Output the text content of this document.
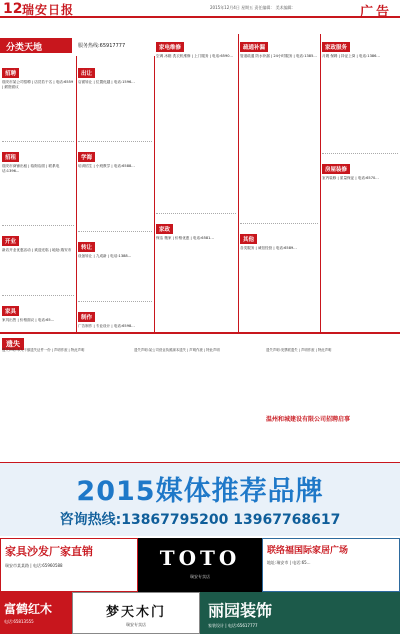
12 瑞安日报	2015年12月4日 星期五 责任编辑： 美术编辑：	广告
分类天地	服务热线:65917777
招聘
瑞安市某公司招聘 | 店员若干名 | 电话:6559 | 薪资面议
招租
瑞安市商铺出租 | 临街店面 | 联系电话:1396...
开业
新店开业优惠活动 | 欢迎光临 | 地址:瑞安市
家具
家具出售 | 价格面议 | 电话:65...
出让
店面转让 | 位置优越 | 电话:1596...
学海
培训招生 | 小班教学 | 电话:6588...
转让
设备转让 | 九成新 | 电话:1388...
制作
广告制作 | 专业设计 | 电话:6598...
家电维修
空调 冰箱 洗衣机维修 | 上门服务 | 电话:6590...
家政
保洁 搬家 | 价格优惠 | 电话:6581...
疏通补漏
管道疏通 防水补漏 | 24小时服务 | 电话:1385...
其他
各类服务 | 诚信经营 | 电话:6589...
家政服务
月嫂 保姆 | 持证上岗 | 电话:1386...
房屋装修
室内装修 | 质量保证 | 电话:6570...
遗失
遗失声明:本人不慎遗失证件一份 | 声明作废 | 特此声明	遗失声明:某公司营业执照副本遗失 | 声明作废 | 特此声明	遗失声明:发票联遗失 | 声明作废 | 特此声明
温州和城建设有限公司招聘启事
2015媒体推荐品牌
咨询热线:13867795200 13967768617
家具沙发厂家直销
瑞安市某某路 | 电话:65960588	TOTO
瑞安专卖店
联络福国际家居广场
地址:瑞安市 | 电话:65...
富鹤红木
电话:65813555
梦天木门
瑞安专卖店
丽园装饰
家装设计 | 电话:65617777
